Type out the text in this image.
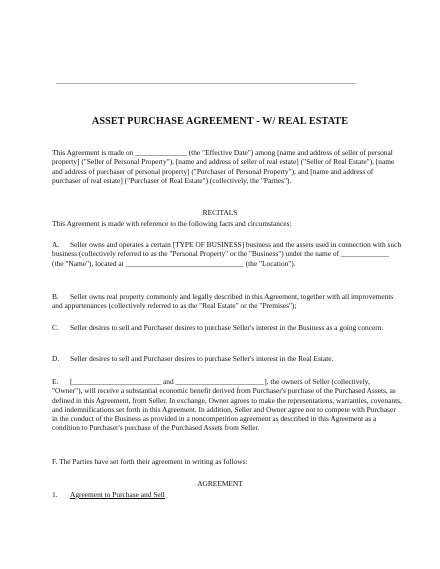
ASSET PURCHASE AGREEMENT - W/ REAL ESTATE

This Agreement is made on ______________ (the "Effective Date") among [name and address of seller of personal property] ("Seller of Personal Property"), [name and address of seller of real estate] ("Seller of Real Estate"), [name and address of purchaser of personal property] ("Purchaser of Personal Property"), and [name and address of purchaser of real estate] ("Purchaser of Real Estate") (collectively, the "Parties").

RECITALS

This Agreement is made with reference to the following facts and circumstances:

A. Seller owns and operates a certain [TYPE OF BUSINESS] business and the assets used in connection with such business (collectively referred to as the "Personal Property" or the "Business") under the name of _____________ (the "Name"), located at ________________________________ (the "Location").

B. Seller owns real property commonly and legally described in this Agreement, together with all improvements and appurtenances (collectively referred to as the "Real Estate" or the "Premises");

C. Seller desires to sell and Purchaser desires to purchase Seller's interest in the Business as a going concern.

D. Seller desires to sell and Purchaser desires to purchase Seller's interest in the Real Estate.

E. [________________________ and ________________________], the owners of Seller (collectively, "Owner"), will receive a substantial economic benefit derived from Purchaser's purchase of the Purchased Assets, as defined in this Agreement, from Seller. In exchange, Owner agrees to make the representations, warranties, covenants, and indemnifications set forth in this Agreement. In addition, Seller and Owner agree not to compete with Purchaser in the conduct of the Business as provided in a noncompetition agreement as described in this Agreement as a condition to Purchaser's purchase of the Purchased Assets from Seller.

F. The Parties have set forth their agreement in writing as follows:

AGREEMENT
1. Agreement to Purchase and Sell
